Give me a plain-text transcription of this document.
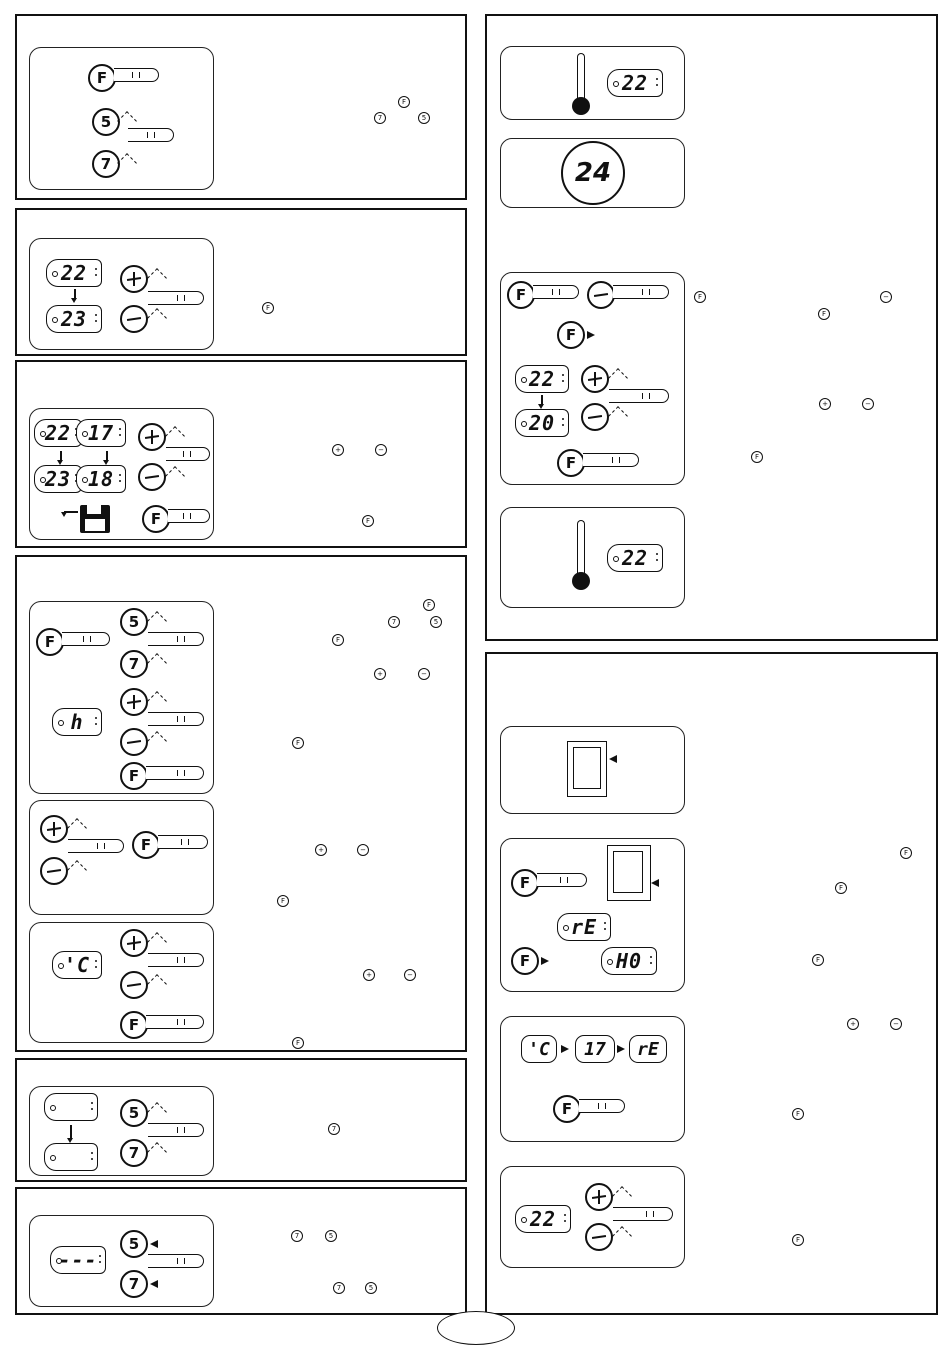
F
5
7
F
7	5
22
23	F
22 17
23 18
F
+	−
F
F
5
7
h
F
F
'C
F
F
7	5
F
+	−
F
+	−
F
+	−
F
5
7
7
---
5
7
7	5
7	5
22
24
F
F
22
20
F
22
F	−
F
+	−
F
F
rE
F	H0
'C	17	rE
F
22
F
F
F
+	−
F
F
